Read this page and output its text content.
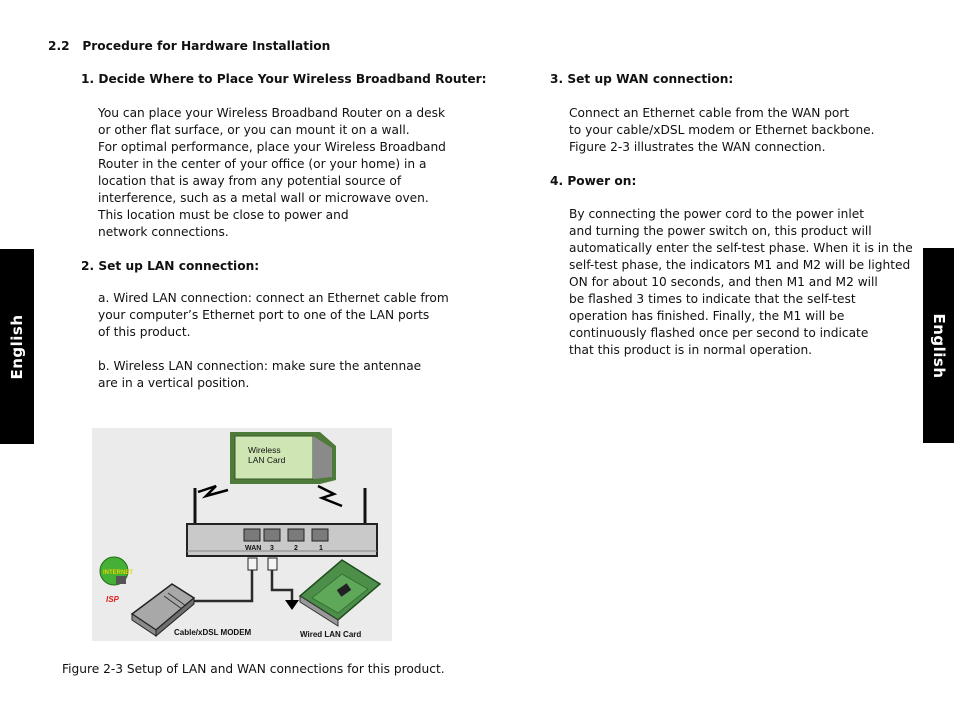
English	English
2.2 Procedure for Hardware Installation
1. Decide Where to Place Your Wireless Broadband Router:
You can place your Wireless Broadband Router on a desk
or other flat surface, or you can mount it on a wall.
For optimal performance, place your Wireless Broadband
Router in the center of your office (or your home) in a
location that is away from any potential source of
interference, such as a metal wall or microwave oven.
This location must be close to power and
network connections.
2. Set up LAN connection:
a. Wired LAN connection: connect an Ethernet cable from
your computer’s Ethernet port to one of the LAN ports
of this product.
b. Wireless LAN connection: make sure the antennae
are in a vertical position.
3. Set up WAN connection:
Connect an Ethernet cable from the WAN port
to your cable/xDSL modem or Ethernet backbone.
Figure 2-3 illustrates the WAN connection.
4. Power on:
By connecting the power cord to the power inlet
and turning the power switch on, this product will
automatically enter the self-test phase. When it is in the
self-test phase, the indicators M1 and M2 will be lighted
ON for about 10 seconds, and then M1 and M2 will
be flashed 3 times to indicate that the self-test
operation has finished. Finally, the M1 will be
continuously flashed once per second to indicate
that this product is in normal operation.
Wireless
LAN Card
WAN 3	2	1
INTERNET
ISP
Cable/xDSL MODEM	Wired LAN Card
Figure 2-3 Setup of LAN and WAN connections for this product.
